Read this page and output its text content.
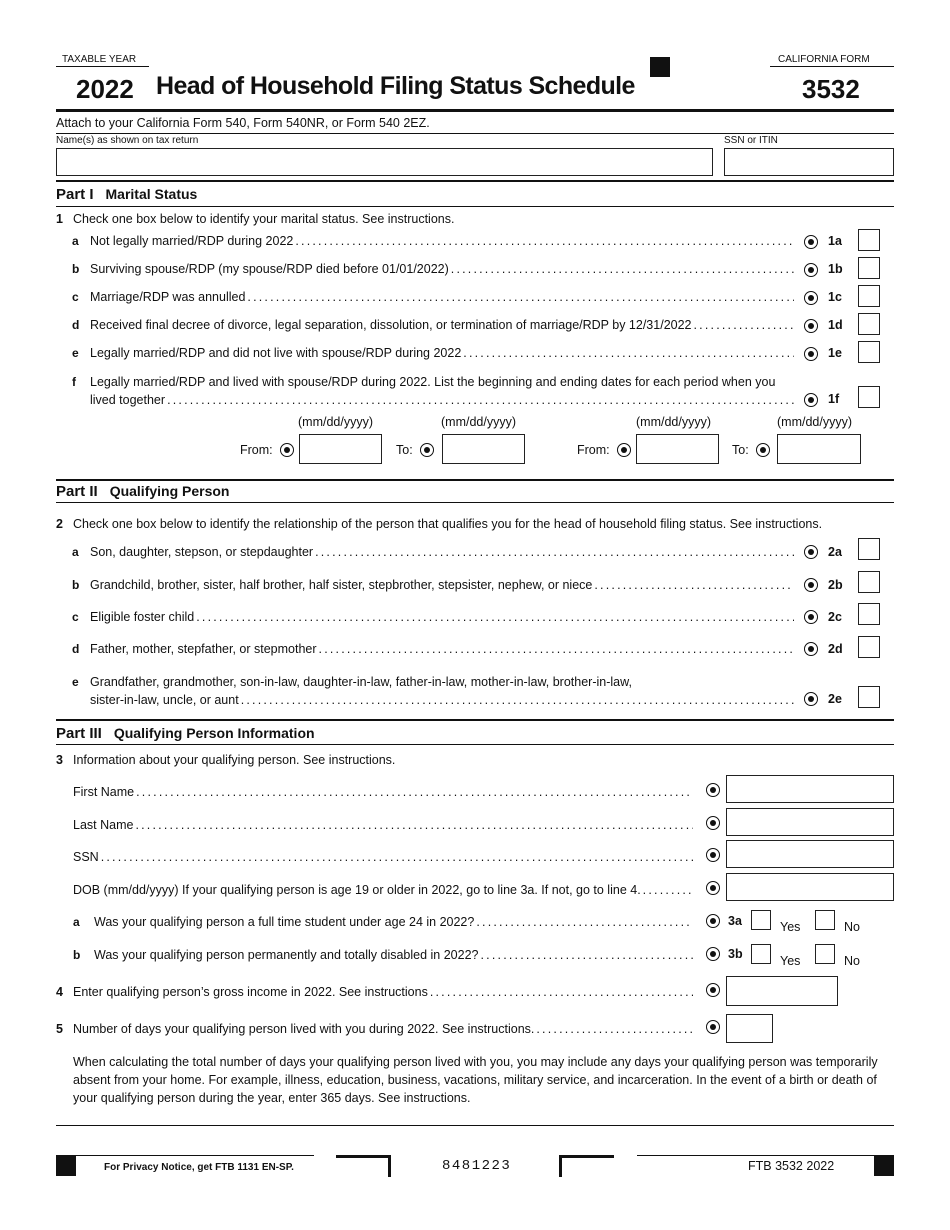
TAXABLE YEAR
2022 Head of Household Filing Status Schedule
CALIFORNIA FORM
3532
Attach to your California Form 540, Form 540NR, or Form 540 2EZ.
Name(s) as shown on tax return	SSN or ITIN
Part I Marital Status
1 Check one box below to identify your marital status. See instructions.
a Not legally married/RDP during 2022 .....	1a
b Surviving spouse/RDP (my spouse/RDP died before 01/01/2022) .....	1b
c Marriage/RDP was annulled .....	1c
d Received final decree of divorce, legal separation, dissolution, or termination of marriage/RDP by 12/31/2022 .....	1d
e Legally married/RDP and did not live with spouse/RDP during 2022 .....	1e
f Legally married/RDP and lived with spouse/RDP during 2022. List the beginning and ending dates for each period when you
lived together .....	1f
(mm/dd/yyyy)	(mm/dd/yyyy)	(mm/dd/yyyy)	(mm/dd/yyyy)
From:	To:	From:	To:
Part II Qualifying Person
2 Check one box below to identify the relationship of the person that qualifies you for the head of household filing status. See instructions.
a Son, daughter, stepson, or stepdaughter .....	2a
b Grandchild, brother, sister, half brother, half sister, stepbrother, stepsister, nephew, or niece .....	2b
c Eligible foster child .....	2c
d Father, mother, stepfather, or stepmother .....	2d
e Grandfather, grandmother, son-in-law, daughter-in-law, father-in-law, mother-in-law, brother-in-law,
sister-in-law, uncle, or aunt .....	2e
Part III Qualifying Person Information
3 Information about your qualifying person. See instructions.
First Name
.....
Last Name
.....
SSN
.....
DOB (mm/dd/yyyy) If your qualifying person is age 19 or older in 2022, go to line 3a. If not, go to line 4.
.....
a Was your qualifying person a full time student under age 24 in 2022? .....	3a	Yes	No
b Was your qualifying person permanently and totally disabled in 2022? .....	3b	Yes	No
4 Enter qualifying person’s gross income in 2022. See instructions
.....
5 Number of days your qualifying person lived with you during 2022. See instructions.
.....
When calculating the total number of days your qualifying person lived with you, you may include any days your qualifying person was temporarily
absent from your home. For example, illness, education, business, vacations, military service, and incarceration. In the event of a birth or death of
your qualifying person during the year, enter 365 days. See instructions.
For Privacy Notice, get FTB 1131 EN-SP.	8481223	FTB 3532 2022
